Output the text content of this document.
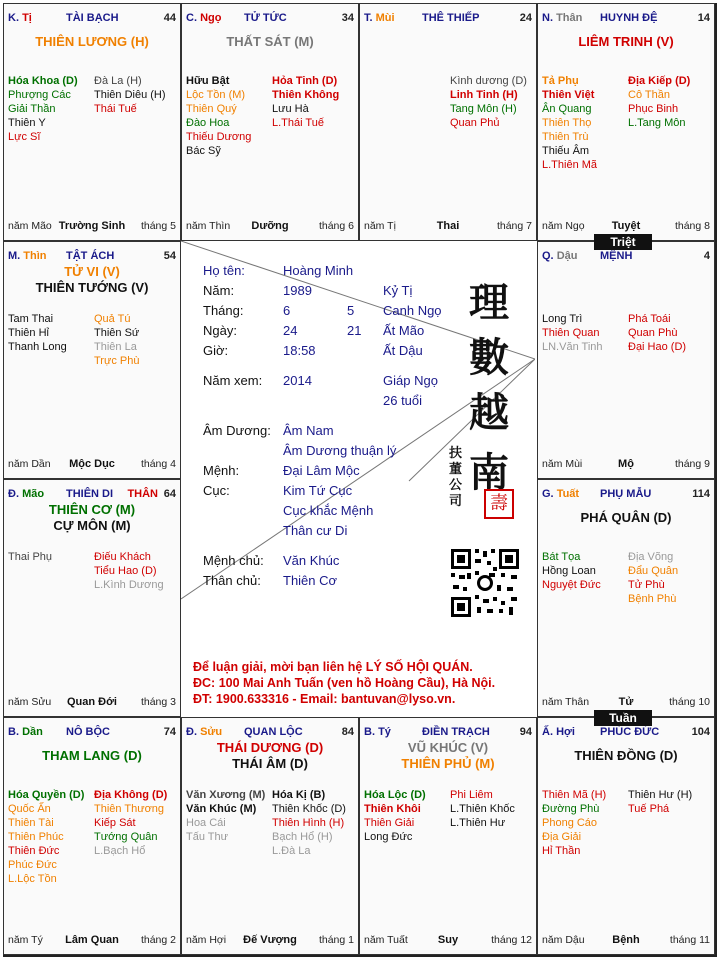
K. Tị	TÀI BẠCH	44
THIÊN LƯƠNG (H)
Hóa Khoa (D)
Phượng Các
Giải Thần
Thiên Y
Lực Sĩ
Đà La (H)
Thiên Diêu (H)
Thái Tuế
năm Mão Trường Sinh	tháng 5
C. Ngọ TỬ TỨC	34
THẤT SÁT (M)
Hữu Bật
Lộc Tồn (M)
Thiên Quý
Đào Hoa
Thiếu Dương
Bác Sỹ
Hỏa Tinh (D)
Thiên Không
Lưu Hà
L.Thái Tuế
năm Thìn	Dưỡng	tháng 6
T. Mùi THÊ THIẾP	24
Kình dương (D)
Linh Tinh (H)
Tang Môn (H)
Quan Phủ
năm Tị	Thai	tháng 7
N. Thân HUYNH ĐỆ	14
LIÊM TRINH (V)
Tả Phụ
Thiên Việt
Ân Quang
Thiên Thọ
Thiên Trù
Thiếu Âm
L.Thiên Mã
Địa Kiếp (D)
Cô Thần
Phục Binh
L.Tang Môn
năm Ngọ	Tuyệt	tháng 8
M. Thìn TẬT ÁCH	54
TỬ VI (V)
THIÊN TƯỚNG (V)
Tam Thai
Thiên Hỉ
Thanh Long
Quả Tú
Thiên Sứ
Thiên La
Trực Phù
năm Dần	Mộc Dục	tháng 4
Q. Dậu MỆNH	4
Long Trì
Thiên Quan
LN.Văn Tinh
Phá Toái
Quan Phù
Đại Hao (D)
năm Mùi	Mộ	tháng 9
Đ. Mão THIÊN DI THÂN 64
THIÊN CƠ (M)
CỰ MÔN (M)
Thai Phụ	Điếu Khách
Tiểu Hao (D)
L.Kình Dương
năm Sửu	Quan Đới	tháng 3
G. Tuất PHỤ MẪU	114
PHÁ QUÂN (D)
Bát Tọa
Hồng Loan
Nguyệt Đức
Địa Võng
Đẩu Quân
Tử Phù
Bệnh Phù
năm Thân	Tử	tháng 10
B. Dần NÔ BỘC	74
THAM LANG (D)
Hóa Quyền (D)
Quốc Ấn
Thiên Tài
Thiên Phúc
Thiên Đức
Phúc Đức
L.Lộc Tồn
Địa Không (D)
Thiên Thương
Kiếp Sát
Tướng Quân
L.Bạch Hổ
năm Tý	Lâm Quan	tháng 2
Đ. Sửu QUAN LỘC	84
THÁI DƯƠNG (D)
THÁI ÂM (D)
Văn Xương (M)
Văn Khúc (M)
Hoa Cái
Tấu Thư
Hóa Kị (B)
Thiên Khốc (D)
Thiên Hình (H)
Bạch Hổ (H)
L.Đà La
năm Hợi	Đế Vượng	tháng 1
B. Tý	ĐIỀN TRẠCH	94
VŨ KHÚC (V)
THIÊN PHỦ (M)
Hóa Lộc (D)
Thiên Khôi
Thiên Giải
Long Đức
Phi Liêm
L.Thiên Khốc
L.Thiên Hư
năm Tuất	Suy	tháng 12
Ấ. Hợi PHÚC ĐỨC	104
THIÊN ĐỒNG (D)
Thiên Mã (H)
Đường Phù
Phong Cáo
Địa Giải
Hỉ Thần
Thiên Hư (H)
Tuế Phá
năm Dậu	Bệnh	tháng 11
Họ tên:	Hoàng Minh
Năm:	1989	Kỷ Tị
Tháng:	6	5 Canh Ngọ
Ngày:	24	21 Ất Mão
Giờ:	18:58	Ất Dậu
Năm xem: 2014	Giáp Ngọ
26 tuổi
Âm Dương: Âm Nam
Âm Dương thuận lý
Mệnh:	Đại Lâm Mộc
Cục:	Kim Tứ Cục
Cục khắc Mệnh
Thân cư Di
Mệnh chủ: Văn Khúc
Thân chủ: Thiên Cơ
理
數
越
南
扶董公司	壽
Để luận giải, mời bạn liên hệ LÝ SỐ HỘI QUÁN.
ĐC: 100 Mai Anh Tuấn (ven hồ Hoàng Cầu), Hà Nội.
ĐT: 1900.633316 - Email: bantuvan@lyso.vn.
Triệt
Tuần
